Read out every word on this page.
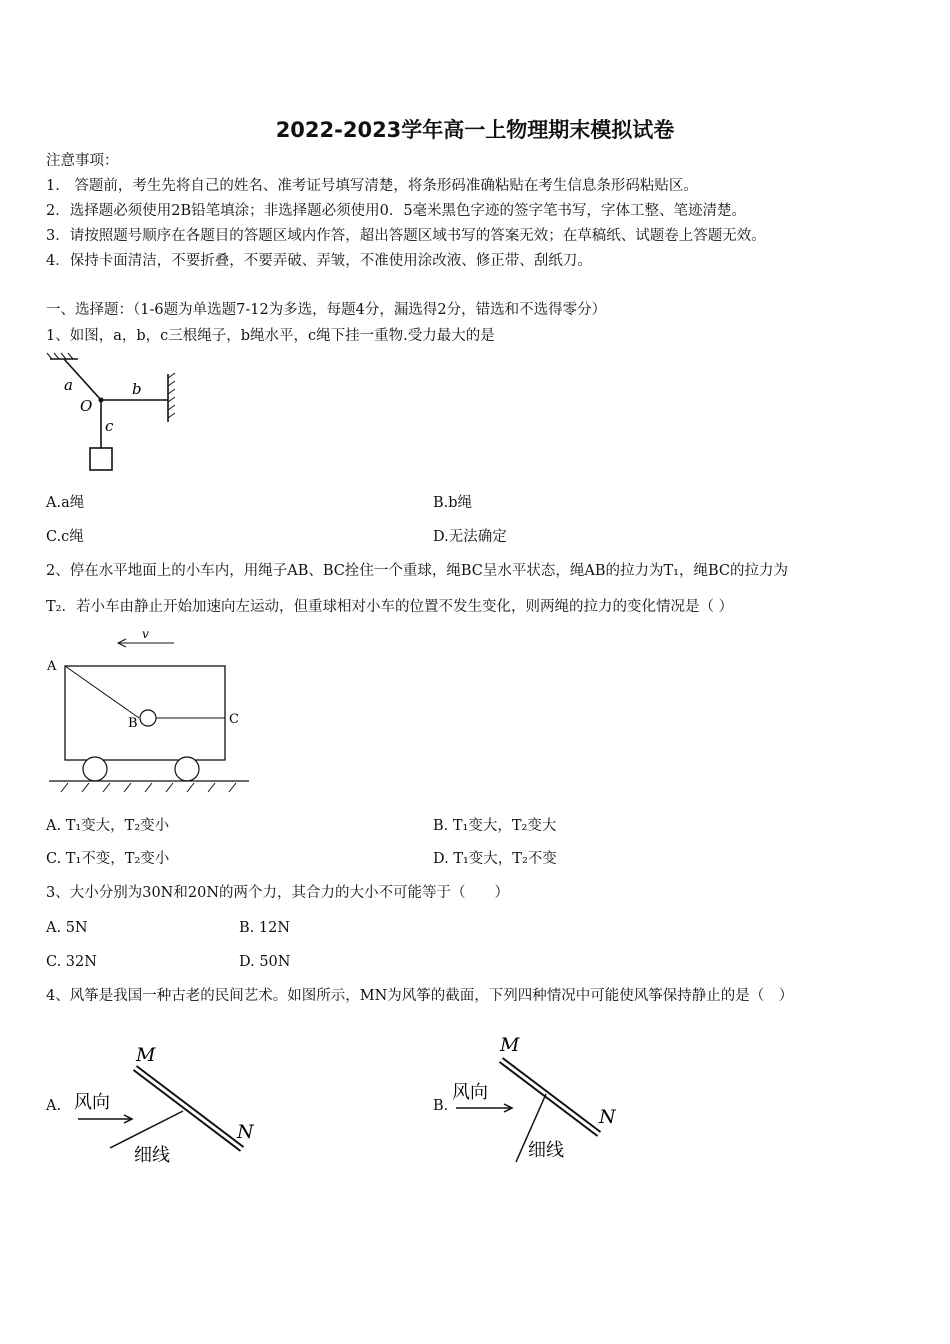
2022-2023学年高一上物理期末模拟试卷
注意事项：
1.　答题前，考生先将自己的姓名、准考证号填写清楚，将条形码准确粘贴在考生信息条形码粘贴区。
2．选择题必须使用2B铅笔填涂；非选择题必须使用0．5毫米黑色字迹的签字笔书写，字体工整、笔迹清楚。
3．请按照题号顺序在各题目的答题区域内作答，超出答题区域书写的答案无效；在草稿纸、试题卷上答题无效。
4．保持卡面清洁，不要折叠，不要弄破、弄皱，不准使用涂改液、修正带、刮纸刀。
一、选择题：（1-6题为单选题7-12为多选，每题4分，漏选得2分，错选和不选得零分）
1、如图，a，b，c三根绳子，b绳水平，c绳下挂一重物.受力最大的是
a
O
b
c
A.a绳	B.b绳
C.c绳	D.无法确定
2、停在水平地面上的小车内，用绳子AB、BC拴住一个重球，绳BC呈水平状态，绳AB的拉力为T₁，绳BC的拉力为
T₂．若小车由静止开始加速向左运动，但重球相对小车的位置不发生变化，则两绳的拉力的变化情况是（ ）
v
A
B	C
A. T₁变大，T₂变小	B. T₁变大，T₂变大
C. T₁不变，T₂变小	D. T₁变大，T₂不变
3、大小分别为30N和20N的两个力，其合力的大小不可能等于（　　）
A. 5N	B. 12N
C. 32N	D. 50N
4、风筝是我国一种古老的民间艺术。如图所示，MN为风筝的截面，下列四种情况中可能使风筝保持静止的是（　）
A.
M
N
风向
细线
B.
M
N
风向
细线
